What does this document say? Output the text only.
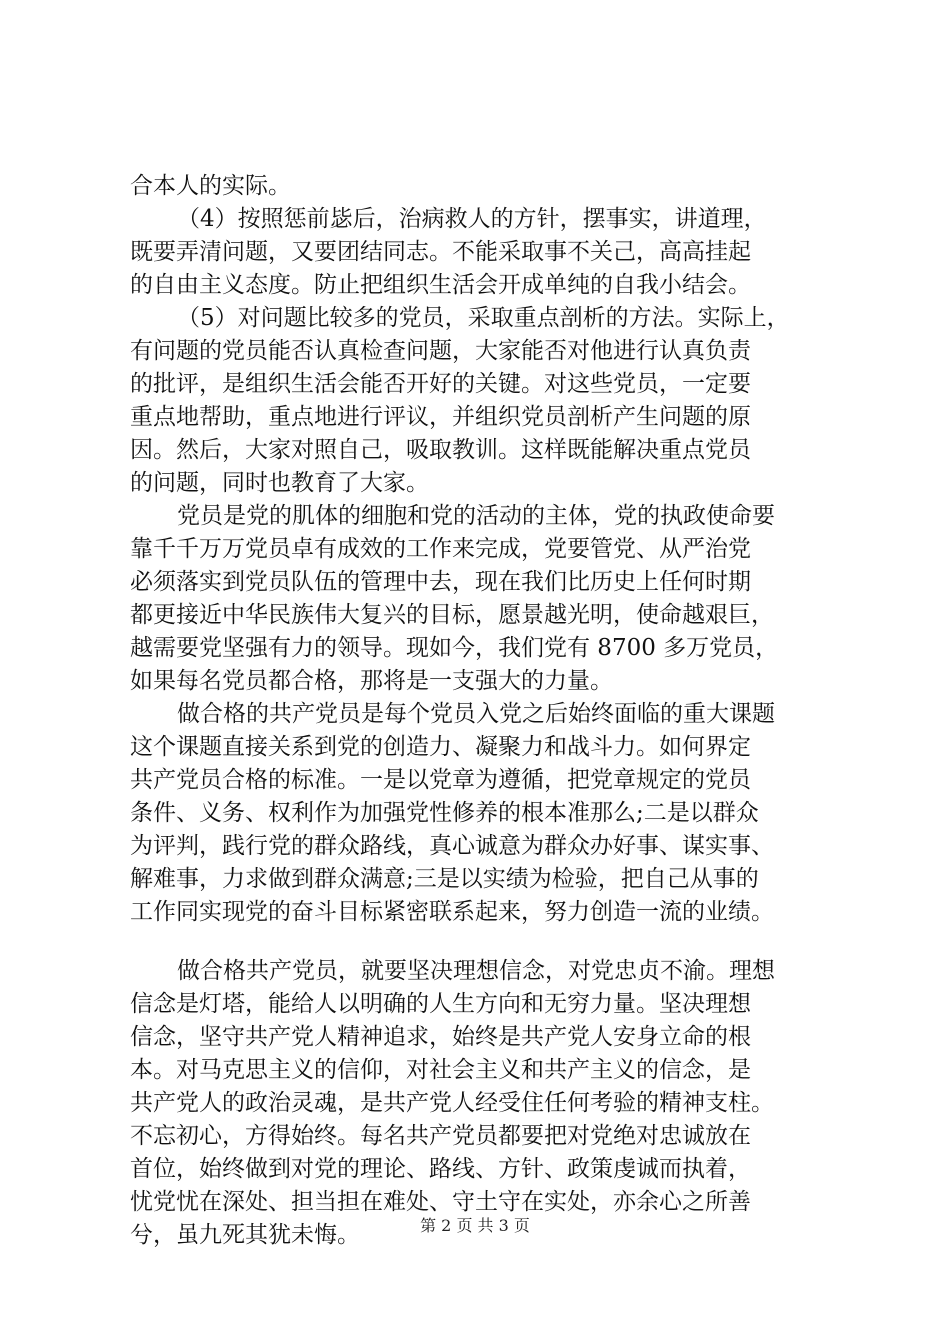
合本人的实际。
（4）按照惩前毖后，治病救人的方针，摆事实，讲道理，
既要弄清问题，又要团结同志。不能采取事不关己，高高挂起
的自由主义态度。防止把组织生活会开成单纯的自我小结会。
（5）对问题比较多的党员，采取重点剖析的方法。实际上，
有问题的党员能否认真检查问题，大家能否对他进行认真负责
的批评，是组织生活会能否开好的关键。对这些党员，一定要
重点地帮助，重点地进行评议，并组织党员剖析产生问题的原
因。然后，大家对照自己，吸取教训。这样既能解决重点党员
的问题，同时也教育了大家。
党员是党的肌体的细胞和党的活动的主体，党的执政使命要
靠千千万万党员卓有成效的工作来完成，党要管党、从严治党
必须落实到党员队伍的管理中去，现在我们比历史上任何时期
都更接近中华民族伟大复兴的目标，愿景越光明，使命越艰巨，
越需要党坚强有力的领导。现如今，我们党有 8700 多万党员，
如果每名党员都合格，那将是一支强大的力量。
做合格的共产党员是每个党员入党之后始终面临的重大课题
这个课题直接关系到党的创造力、凝聚力和战斗力。如何界定
共产党员合格的标准。一是以党章为遵循，把党章规定的党员
条件、义务、权利作为加强党性修养的根本准那么;二是以群众
为评判，践行党的群众路线，真心诚意为群众办好事、谋实事、
解难事，力求做到群众满意;三是以实绩为检验，把自己从事的
工作同实现党的奋斗目标紧密联系起来，努力创造一流的业绩。
做合格共产党员，就要坚决理想信念，对党忠贞不渝。理想
信念是灯塔，能给人以明确的人生方向和无穷力量。坚决理想
信念，坚守共产党人精神追求，始终是共产党人安身立命的根
本。对马克思主义的信仰，对社会主义和共产主义的信念，是
共产党人的政治灵魂，是共产党人经受住任何考验的精神支柱。
不忘初心，方得始终。每名共产党员都要把对党绝对忠诚放在
首位，始终做到对党的理论、路线、方针、政策虔诚而执着，
忧党忧在深处、担当担在难处、守土守在实处，亦余心之所善
兮，虽九死其犹未悔。	第 2 页 共 3 页
